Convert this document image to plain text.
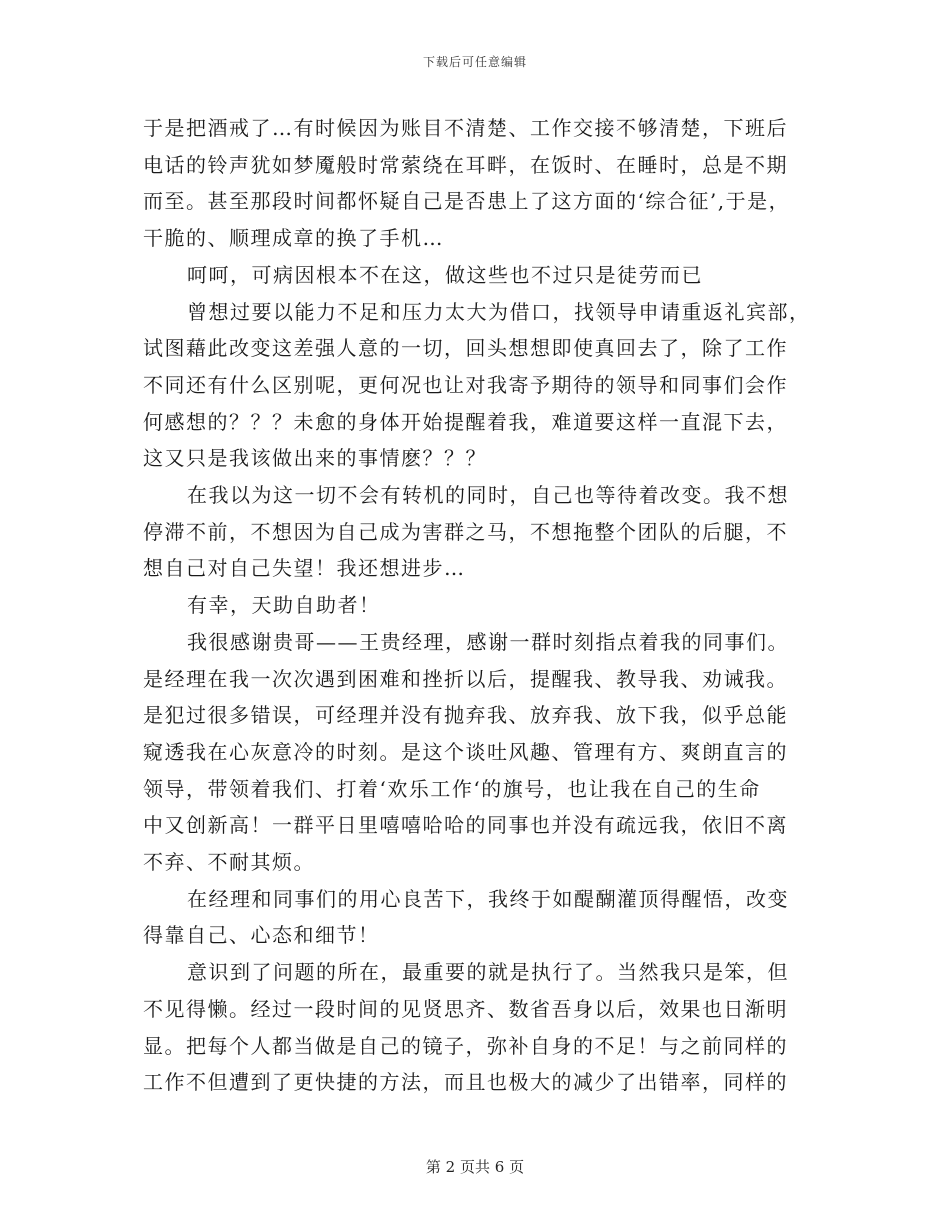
下载后可任意编辑

于是把酒戒了…有时候因为账目不清楚、工作交接不够清楚，下班后

电话的铃声犹如梦魇般时常萦绕在耳畔，在饭时、在睡时，总是不期

而至。甚至那段时间都怀疑自己是否患上了这方面的‘综合征’,于是，

干脆的、顺理成章的换了手机…

呵呵，可病因根本不在这，做这些也不过只是徒劳而已

曾想过要以能力不足和压力太大为借口，找领导申请重返礼宾部，

试图藉此改变这差强人意的一切，回头想想即使真回去了，除了工作

不同还有什么区别呢，更何况也让对我寄予期待的领导和同事们会作

何感想的？？？未愈的身体开始提醒着我，难道要这样一直混下去，

这又只是我该做出来的事情麽？？？

在我以为这一切不会有转机的同时，自己也等待着改变。我不想

停滞不前，不想因为自己成为害群之马，不想拖整个团队的后腿，不

想自己对自己失望！我还想进步…

有幸，天助自助者！

我很感谢贵哥——王贵经理，感谢一群时刻指点着我的同事们。

是经理在我一次次遇到困难和挫折以后，提醒我、教导我、劝诫我。

是犯过很多错误，可经理并没有抛弃我、放弃我、放下我，似乎总能

窥透我在心灰意冷的时刻。是这个谈吐风趣、管理有方、爽朗直言的

领导，带领着我们、打着‘欢乐工作‘的旗号，也让我在自己的生命

中又创新高！一群平日里嘻嘻哈哈的同事也并没有疏远我，依旧不离

不弃、不耐其烦。

在经理和同事们的用心良苦下，我终于如醍醐灌顶得醒悟，改变

得靠自己、心态和细节！

意识到了问题的所在，最重要的就是执行了。当然我只是笨，但

不见得懒。经过一段时间的见贤思齐、数省吾身以后，效果也日渐明

显。把每个人都当做是自己的镜子，弥补自身的不足！与之前同样的

工作不但遭到了更快捷的方法，而且也极大的减少了出错率，同样的

第 2 页共 6 页
